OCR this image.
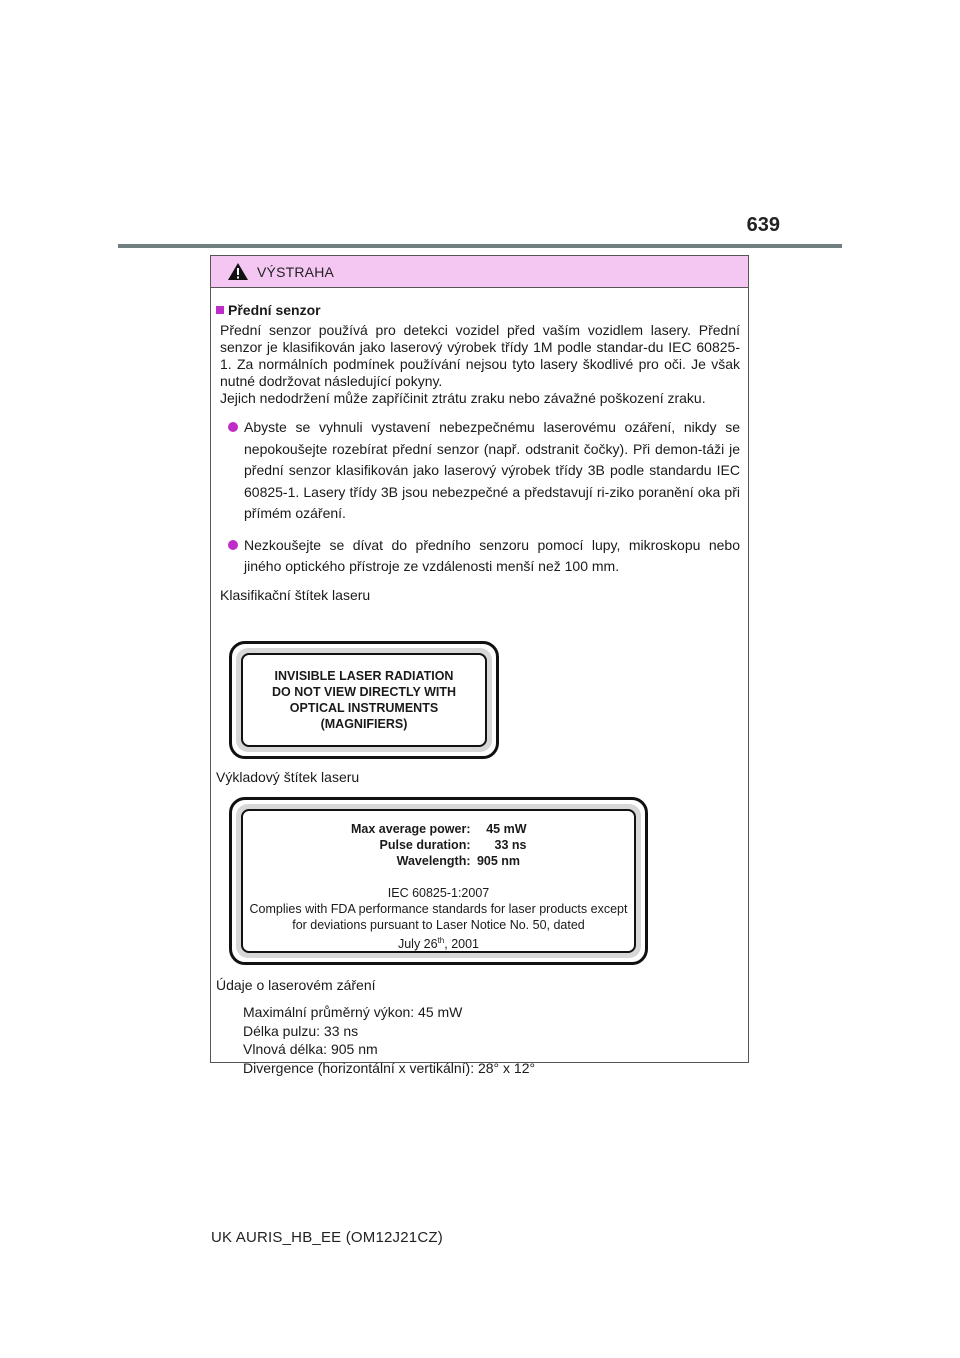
639
VÝSTRAHA
Přední senzor
Přední senzor používá pro detekci vozidel před vaším vozidlem lasery. Přední senzor je klasifikován jako laserový výrobek třídy 1M podle standar-du IEC 60825-1. Za normálních podmínek používání nejsou tyto lasery škodlivé pro oči. Je však nutné dodržovat následující pokyny.
Jejich nedodržení může zapříčinit ztrátu zraku nebo závažné poškození zraku.
Abyste se vyhnuli vystavení nebezpečnému laserovému ozáření, nikdy se nepokoušejte rozebírat přední senzor (např. odstranit čočky). Při demon-táži je přední senzor klasifikován jako laserový výrobek třídy 3B podle standardu IEC 60825-1. Lasery třídy 3B jsou nebezpečné a představují ri-ziko poranění oka při přímém ozáření.
Nezkoušejte se dívat do předního senzoru pomocí lupy, mikroskopu nebo jiného optického přístroje ze vzdálenosti menší než 100 mm.
Klasifikační štítek laseru
INVISIBLE LASER RADIATION
DO NOT VIEW DIRECTLY WITH
OPTICAL INSTRUMENTS
(MAGNIFIERS)
Výkladový štítek laseru
Max average power:	45 mW
Pulse duration:	33 ns
Wavelength: 905 nm
IEC 60825-1:2007
Complies with FDA performance standards for laser products except for deviations pursuant to Laser Notice No. 50, dated
July 26th, 2001
Údaje o laserovém záření
Maximální průměrný výkon: 45 mW
Délka pulzu: 33 ns
Vlnová délka: 905 nm
Divergence (horizontální x vertikální): 28° x 12°
UK AURIS_HB_EE (OM12J21CZ)
